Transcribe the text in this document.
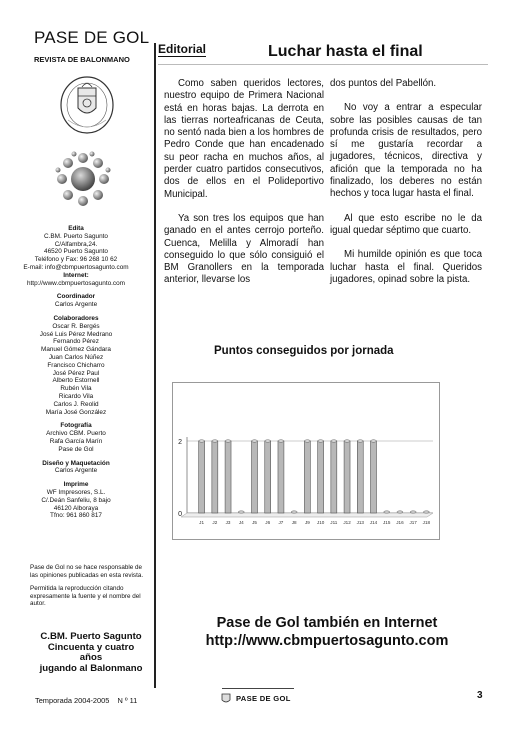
PASE DE GOL
REVISTA DE BALONMANO
Edita
C.BM. Puerto Sagunto
C/Alfambra,24.
46520 Puerto Sagunto
Teléfono y Fax: 96 268 10 62
E-mail: info@cbmpuertosagunto.com
Internet:
http://www.cbmpuertosagunto.com
Coordinador
Carlos Argente
Colaboradores
Oscar R. Bergés
José Luis Pérez Medrano
Fernando Pérez
Manuel Gómez Gándara
Juan Carlos Núñez
Francisco Chicharro
José Pérez Paul
Alberto Estornell
Rubén Vila
Ricardo Vila
Carlos J. Reolid
María José González
Fotografía
Archivo CBM. Puerto
Rafa García Marín
Pase de Gol
Diseño y Maquetación
Carlos Argente
Imprime
WF Impresores, S.L.
C/.Deán Sanfeliu, 8 bajo
46120 Alboraya
Tfno: 961 860 817

Pase de Gol no se hace responsable de las opiniones publicadas en esta revista.

Permitida la reproducción citando expresamente la fuente y el nombre del autor.

C.BM. Puerto Sagunto
Cincuenta y cuatro
años
jugando al Balonmano
Temporada 2004-2005 N º 11
Editorial	Luchar hasta el final

Como saben queridos lectores, nuestro equipo de Primera Nacional está en horas bajas. La derrota en las tierras norteafricanas de Ceuta, no sentó nada bien a los hombres de Pedro Conde que han encadenado su peor racha en muchos años, al perder cuatro partidos consecutivos, dos de ellos en el Polideportivo Municipal.

Ya son tres los equipos que han ganado en el antes cerrojo porteño. Cuenca, Melilla y Almoradí han conseguido lo que sólo consiguió el BM Granollers en la temporada anterior, llevarse los

dos puntos del Pabellón.

No voy a entrar a especular sobre las posibles causas de tan profunda crisis de resultados, pero sí me gustaría recordar a jugadores, técnicos, directiva y afición que la temporada no ha finalizado, los deberes no están hechos y toca lugar hasta el final.

Al que esto escribe no le da igual quedar séptimo que cuarto.

Mi humilde opinión es que toca luchar hasta el final. Queridos jugadores, opinad sobre la pista.

Puntos conseguidos por jornada
0
2
J1 J2 J3 J4 J5 J6 J7 J8 J9 J10 J11 J12 J13 J14 J15 J16 J17 J18
Pase de Gol también en Internet
http://www.cbmpuertosagunto.com
PASE DE GOL	3
